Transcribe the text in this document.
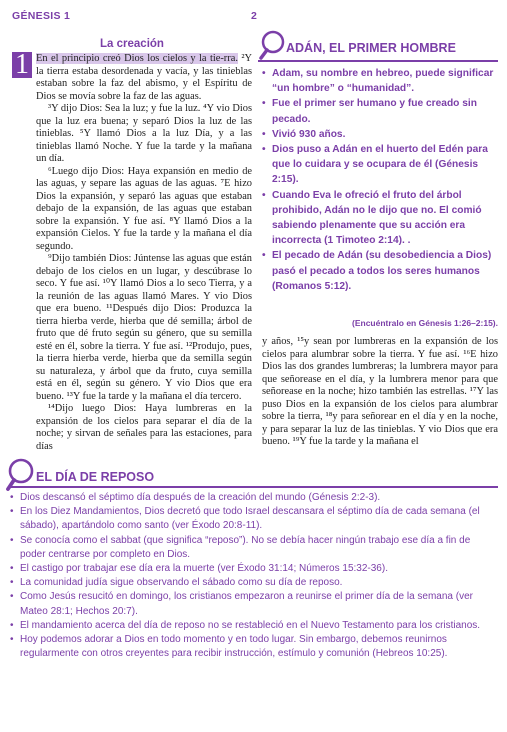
GÉNESIS 1	2
La creación

En el principio creó Dios los cielos y la tie-rra. ²Y la tierra estaba desordenada y vacía, y las tinieblas estaban sobre la faz del abismo, y el Espíritu de Dios se movía sobre la faz de las aguas.

³Y dijo Dios: Sea la luz; y fue la luz. ⁴Y vio Dios que la luz era buena; y separó Dios la luz de las tinieblas. ⁵Y llamó Dios a la luz Día, y a las tinieblas llamó Noche. Y fue la tarde y la mañana un día.

⁶Luego dijo Dios: Haya expansión en medio de las aguas, y separe las aguas de las aguas. ⁷E hizo Dios la expansión, y separó las aguas que estaban debajo de la expansión, de las aguas que estaban sobre la expansión. Y fue así. ⁸Y llamó Dios a la expansión Cielos. Y fue la tarde y la mañana el día segundo.

⁹Dijo también Dios: Júntense las aguas que están debajo de los cielos en un lugar, y descúbrase lo seco. Y fue así. ¹⁰Y llamó Dios a lo seco Tierra, y a la reunión de las aguas llamó Mares. Y vio Dios que era bueno. ¹¹Después dijo Dios: Produzca la tierra hierba verde, hierba que dé semilla; árbol de fruto que dé fruto según su género, que su semilla esté en él, sobre la tierra. Y fue así. ¹²Produjo, pues, la tierra hierba verde, hierba que da semilla según su naturaleza, y árbol que da fruto, cuya semilla está en él, según su género. Y vio Dios que era bueno. ¹³Y fue la tarde y la mañana el día tercero.

¹⁴Dijo luego Dios: Haya lumbreras en la expansión de los cielos para separar el día de la noche; y sirvan de señales para las estaciones, para días

1
ADÁN, EL PRIMER HOMBRE
• Adam, su nombre en hebreo, puede significar “un hombre” o “humanidad”.
• Fue el primer ser humano y fue creado sin pecado.
• Vivió 930 años.
• Dios puso a Adán en el huerto del Edén para que lo cuidara y se ocupara de él (Génesis 2:15).
• Cuando Eva le ofreció el fruto del árbol prohibido, Adán no le dijo que no. El comió sabiendo plenamente que su acción era incorrecta (1 Timoteo 2:14). .
• El pecado de Adán (su desobediencia a Dios) pasó el pecado a todos los seres humanos (Romanos 5:12).
(Encuéntralo en Génesis 1:26–2:15).

y años, ¹⁵y sean por lumbreras en la expansión de los cielos para alumbrar sobre la tierra. Y fue así. ¹⁶E hizo Dios las dos grandes lumbreras; la lumbrera mayor para que señorease en el día, y la lumbrera menor para que señorease en la noche; hizo también las estrellas. ¹⁷Y las puso Dios en la expansión de los cielos para alumbrar sobre la tierra, ¹⁸y para señorear en el día y en la noche, y para separar la luz de las tinieblas. Y vio Dios que era bueno. ¹⁹Y fue la tarde y la mañana el

EL DÍA DE REPOSO
• Dios descansó el séptimo día después de la creación del mundo (Génesis 2:2-3).
• En los Diez Mandamientos, Dios decretó que todo Israel descansara el séptimo día de cada semana (el sábado), apartándolo como santo (ver Éxodo 20:8-11).
• Se conocía como el sabbat (que significa “reposo”). No se debía hacer ningún trabajo ese día a fin de poder centrarse por completo en Dios.
• El castigo por trabajar ese día era la muerte (ver Éxodo 31:14; Números 15:32-36).
• La comunidad judía sigue observando el sábado como su día de reposo.
• Como Jesús resucitó en domingo, los cristianos empezaron a reunirse el primer día de la semana (ver Mateo 28:1; Hechos 20:7).
• El mandamiento acerca del día de reposo no se restableció en el Nuevo Testamento para los cristianos.
• Hoy podemos adorar a Dios en todo momento y en todo lugar. Sin embargo, debemos reunirnos regularmente con otros creyentes para recibir instrucción, estímulo y comunión (Hebreos 10:25).
